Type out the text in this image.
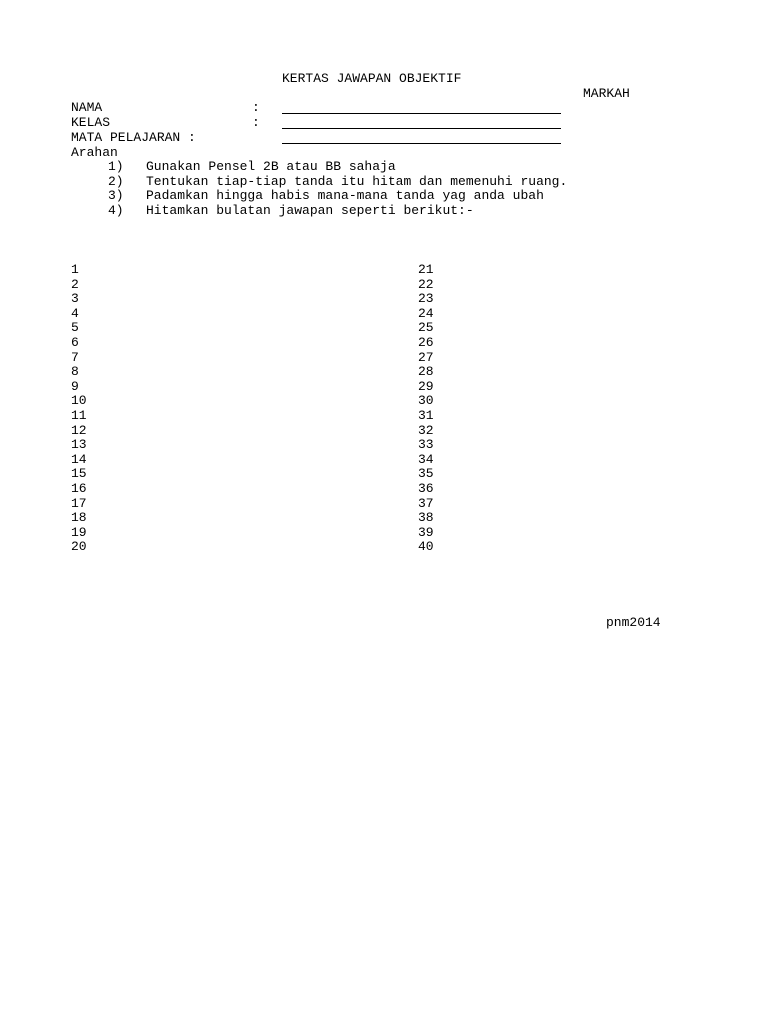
KERTAS JAWAPAN OBJEKTIF
MARKAH
NAMA	:
KELAS	:
MATA PELAJARAN :
Arahan
1) Gunakan Pensel 2B atau BB sahaja
2) Tentukan tiap-tiap tanda itu hitam dan memenuhi ruang.
3) Padamkan hingga habis mana-mana tanda yag anda ubah
4) Hitamkan bulatan jawapan seperti berikut:-
1
2
3
4
5
6
7
8
9
10
11
12
13
14
15
16
17
18
19
20
21
22
23
24
25
26
27
28
29
30
31
32
33
34
35
36
37
38
39
40
pnm2014
